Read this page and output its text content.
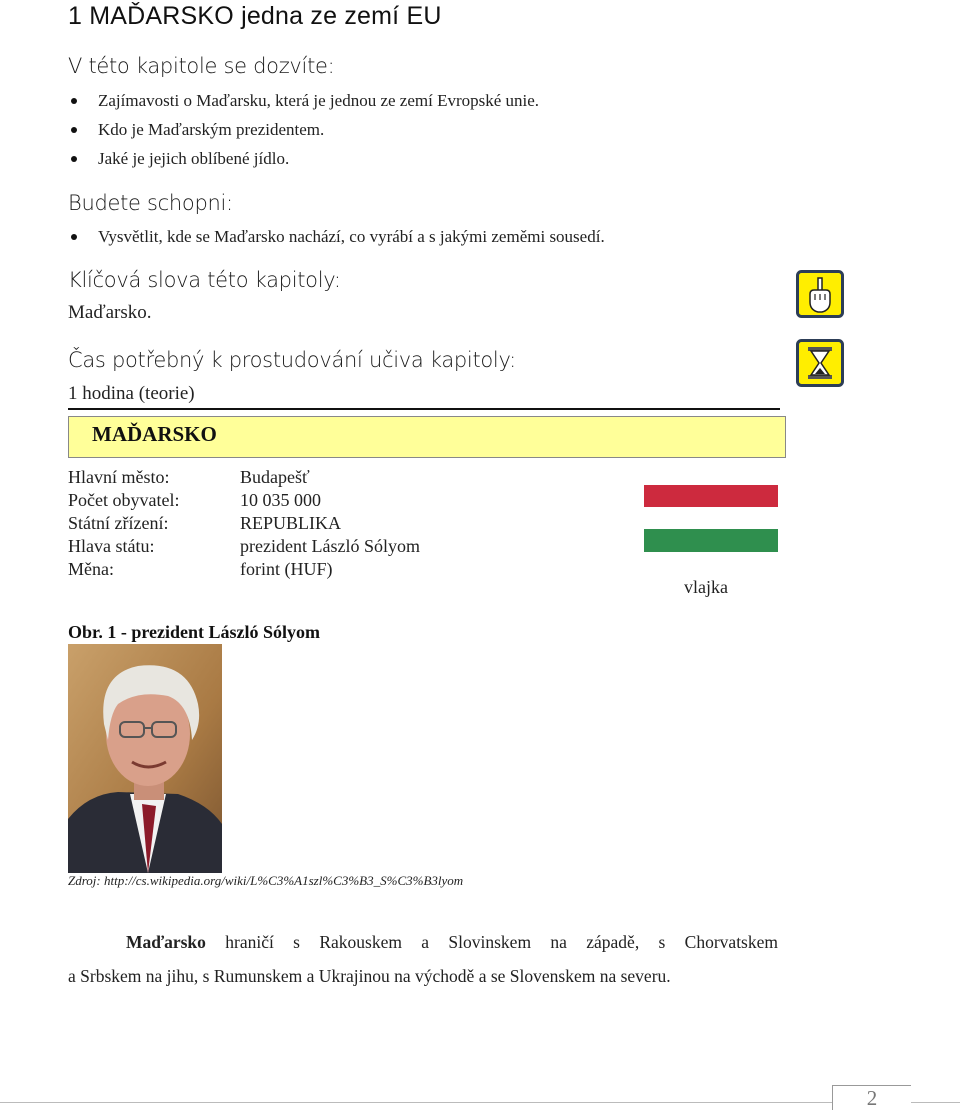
1 MAĎARSKO jedna ze zemí EU
V této kapitole se dozvíte:
Zajímavosti o Maďarsku, která je jednou ze zemí Evropské unie.
Kdo je Maďarským prezidentem.
Jaké je jejich oblíbené jídlo.
Budete schopni:
Vysvětlit, kde se Maďarsko nachází, co vyrábí a s jakými zeměmi sousedí.
Klíčová slova této kapitoly:
Maďarsko.
Čas potřebný k prostudování učiva kapitoly:
1 hodina (teorie)
MAĎARSKO
Hlavní město:	Budapešť
Počet obyvatel:	10 035 000
Státní zřízení:	REPUBLIKA
Hlava státu:	prezident László Sólyom
Měna:	forint (HUF)
vlajka
Obr. 1 - prezident László Sólyom
Zdroj: http://cs.wikipedia.org/wiki/L%C3%A1szl%C3%B3_S%C3%B3lyom
Maďarsko hraničí s Rakouskem a Slovinskem na západě, s Chorvatskem
a Srbskem na jihu, s Rumunskem a Ukrajinou na východě a se Slovenskem na severu.
2
